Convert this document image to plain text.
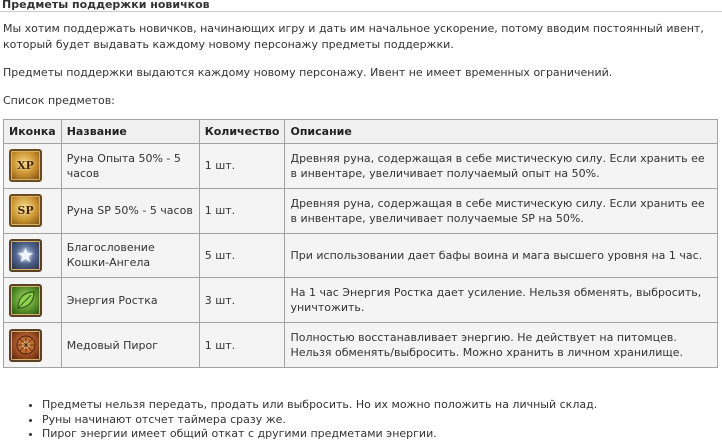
Предметы поддержки новичков
Мы хотим поддержать новичков, начинающих игру и дать им начальное ускорение, потому вводим постоянный ивент, который будет выдавать каждому новому персонажу предметы поддержки.
Предметы поддержки выдаются каждому новому персонажу. Ивент не имеет временных ограничений.
Список предметов:
Иконка	Название	Количество	Описание

XP	Руна Опыта 50% - 5 часов	1 шт.	Древняя руна, содержащая в себе мистическую силу. Если хранить ее в инвентаре, увеличивает получаемый опыт на 50%.

SP	Руна SP 50% - 5 часов	1 шт.	Древняя руна, содержащая в себе мистическую силу. Если хранить ее в инвентаре, увеличивает получаемые SP на 50%.

★	Благословение Кошки-Ангела	5 шт.	При использовании дает бафы воина и мага высшего уровня на 1 час.

	Энергия Ростка	3 шт.	На 1 час Энергия Ростка дает усиление. Нельзя обменять, выбросить, уничтожить.

	Медовый Пирог	1 шт.	Полностью восстанавливает энергию. Не действует на питомцев. Нельзя обменять/выбросить. Можно хранить в личном хранилище.
• Предметы нельзя передать, продать или выбросить. Но их можно положить на личный склад.
• Руны начинают отсчет таймера сразу же.
• Пирог энергии имеет общий откат с другими предметами энергии.
